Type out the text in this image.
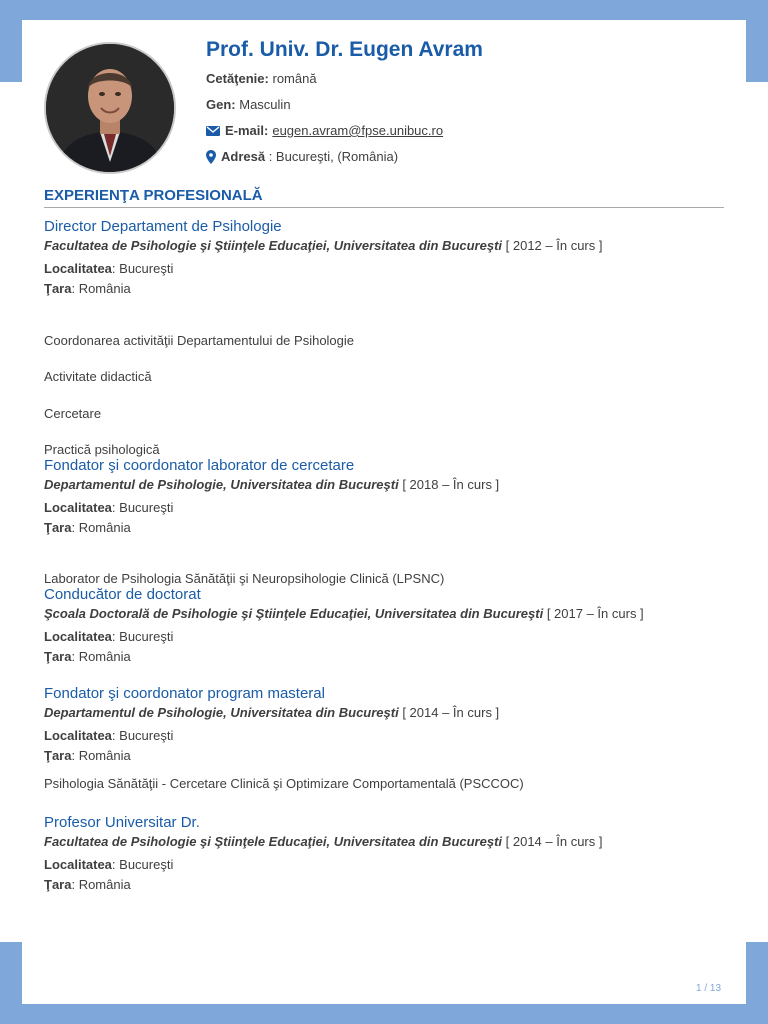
Prof. Univ. Dr. Eugen Avram
Cetăţenie:
română
Gen:
Masculin
E-mail: eugen.avram@fpse.unibuc.ro
Adresă
: Bucureşti, (România)
EXPERIENŢA PROFESIONALĂ
Director Departament de Psihologie
Facultatea de Psihologie şi Ştiinţele Educaţiei, Universitatea din Bucureşti [ 2012 – În curs ]
Localitatea: Bucureşti
Ţara: România
Coordonarea activităţii Departamentului de Psihologie
Activitate didactică
Cercetare
Practică psihologică
Fondator şi coordonator laborator de cercetare
Departamentul de Psihologie, Universitatea din Bucureşti [ 2018 – În curs ]
Localitatea: Bucureşti
Ţara: România
Laborator de Psihologia Sănătăţii şi Neuropsihologie Clinică (LPSNC)
Conducător de doctorat
Şcoala Doctorală de Psihologie şi Ştiinţele Educaţiei, Universitatea din Bucureşti [ 2017 – În curs ]
Localitatea: Bucureşti
Ţara: România
Fondator şi coordonator program masteral
Departamentul de Psihologie, Universitatea din Bucureşti [ 2014 – În curs ]
Localitatea: Bucureşti
Ţara: România
Psihologia Sănătăţii - Cercetare Clinică şi Optimizare Comportamentală (PSCCOC)
Profesor Universitar Dr.
Facultatea de Psihologie şi Ştiinţele Educaţiei, Universitatea din Bucureşti [ 2014 – În curs ]
Localitatea: Bucureşti
Ţara: România
1 / 13
